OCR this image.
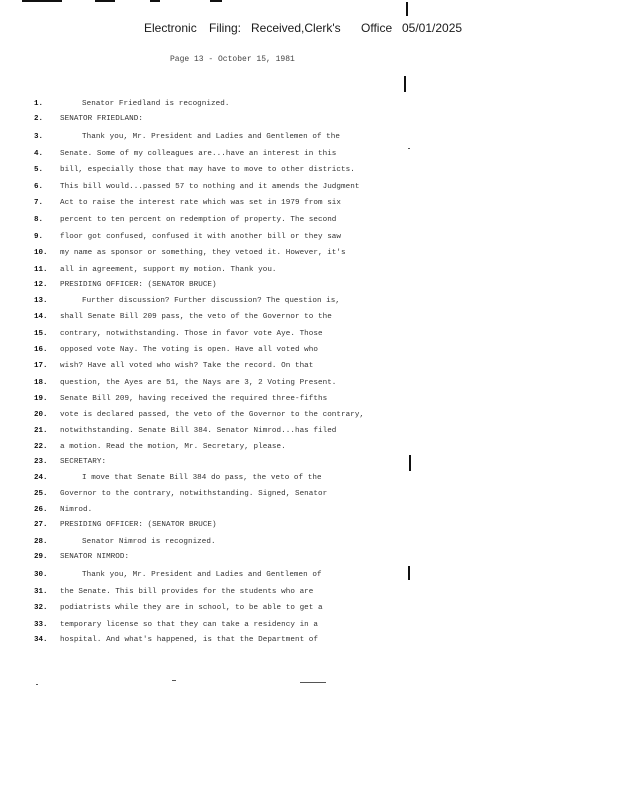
Electronic Filing: Received,Clerk's Office 05/01/2025
Page 13 - October 15, 1981
1.	Senator Friedland is recognized.
2.	SENATOR FRIEDLAND:
3.	Thank you, Mr. President and Ladies and Gentlemen of the
4.	Senate. Some of my colleagues are...have an interest in this
5.	bill, especially those that may have to move to other districts.
6.	This bill would...passed 57 to nothing and it amends the Judgment
7.	Act to raise the interest rate which was set in 1979 from six
8.	percent to ten percent on redemption of property. The second
9.	floor got confused, confused it with another bill or they saw
10.	my name as sponsor or something, they vetoed it. However, it's
11.	all in agreement, support my motion. Thank you.
12.	PRESIDING OFFICER: (SENATOR BRUCE)
13.	Further discussion? Further discussion? The question is,
14.	shall Senate Bill 209 pass, the veto of the Governor to the
15.	contrary, notwithstanding. Those in favor vote Aye. Those
16.	opposed vote Nay. The voting is open. Have all voted who
17.	wish? Have all voted who wish? Take the record. On that
18.	question, the Ayes are 51, the Nays are 3, 2 Voting Present.
19.	Senate Bill 209, having received the required three-fifths
20.	vote is declared passed, the veto of the Governor to the contrary,
21.	notwithstanding. Senate Bill 384. Senator Nimrod...has filed
22.	a motion. Read the motion, Mr. Secretary, please.
23.	SECRETARY:
24.	I move that Senate Bill 384 do pass, the veto of the
25.	Governor to the contrary, notwithstanding. Signed, Senator
26.	Nimrod.
27.	PRESIDING OFFICER: (SENATOR BRUCE)
28.	Senator Nimrod is recognized.
29.	SENATOR NIMROD:
30.	Thank you, Mr. President and Ladies and Gentlemen of
31.	the Senate. This bill provides for the students who are
32.	podiatrists while they are in school, to be able to get a
33.	temporary license so that they can take a residency in a
34.	hospital. And what's happened, is that the Department of
